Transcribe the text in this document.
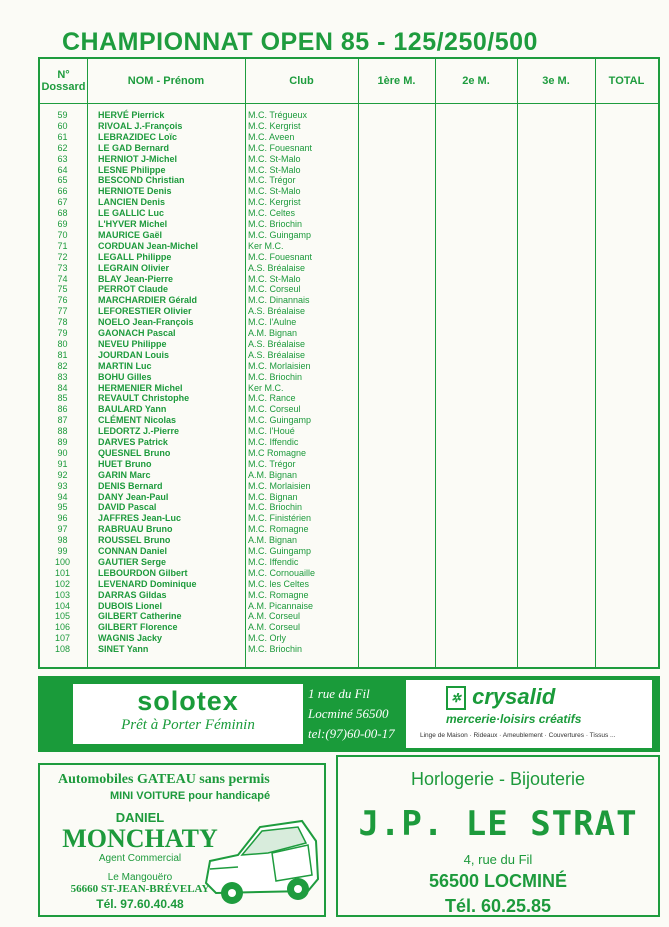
CHAMPIONNAT OPEN 85 - 125/250/500
N° Dossard	NOM - Prénom	Club	1ère M.	2e M.	3e M.	TOTAL
59	HERVÉ Pierrick	M.C. Trégueux
60	RIVOAL J.-François	M.C. Kergrist
61	LEBRAZIDEC Loïc	M.C. Aveen
62	LE GAD Bernard	M.C. Fouesnant
63	HERNIOT J-Michel	M.C. St-Malo
64	LESNE Philippe	M.C. St-Malo
65	BESCOND Christian	M.C. Trégor
66	HERNIOTE Denis	M.C. St-Malo
67	LANCIEN Denis	M.C. Kergrist
68	LE GALLIC Luc	M.C. Celtes
69	L'HYVER Michel	M.C. Briochin
70	MAURICE Gaël	M.C. Guingamp
71	CORDUAN Jean-Michel	Ker M.C.
72	LEGALL Philippe	M.C. Fouesnant
73	LEGRAIN Olivier	A.S. Bréalaise
74	BLAY Jean-Pierre	M.C. St-Malo
75	PERROT Claude	M.C. Corseul
76	MARCHARDIER Gérald	M.C. Dinannais
77	LEFORESTIER Olivier	A.S. Bréalaise
78	NOELO Jean-François	M.C. l'Aulne
79	GAONACH Pascal	A.M. Bignan
80	NEVEU Philippe	A.S. Bréalaise
81	JOURDAN Louis	A.S. Bréalaise
82	MARTIN Luc	M.C. Morlaisien
83	BOHU Gilles	M.C. Briochin
84	HERMENIER Michel	Ker M.C.
85	REVAULT Christophe	M.C. Rance
86	BAULARD Yann	M.C. Corseul
87	CLÉMENT Nicolas	M.C. Guingamp
88	LEDORTZ J.-Pierre	M.C. l'Houé
89	DARVES Patrick	M.C. Iffendic
90	QUESNEL Bruno	M.C Romagne
91	HUET Bruno	M.C. Trégor
92	GARIN Marc	A.M. Bignan
93	DENIS Bernard	M.C. Morlaisien
94	DANY Jean-Paul	M.C. Bignan
95	DAVID Pascal	M.C. Briochin
96	JAFFRES Jean-Luc	M.C. Finistérien
97	RABRUAU Bruno	M.C. Romagne
98	ROUSSEL Bruno	A.M. Bignan
99	CONNAN Daniel	M.C. Guingamp
100	GAUTIER Serge	M.C. Iffendic
101	LEBOURDON Gilbert	M.C. Cornouaille
102	LEVENARD Dominique	M.C. les Celtes
103	DARRAS Gildas	M.C. Romagne
104	DUBOIS Lionel	A.M. Picannaise
105	GILBERT Catherine	A.M. Corseul
106	GILBERT Florence	A.M. Corseul
107	WAGNIS Jacky	M.C. Orly
108	SINET Yann	M.C. Briochin
solotex
Prêt à Porter Féminin
1 rue du Fil
Locminé 56500
tel:(97)60-00-17
✲ crysalid
mercerie·loisirs créatifs
Linge de Maison · Rideaux · Ameublement · Couvertures · Tissus ...
Automobiles GATEAU sans permis
MINI VOITURE pour handicapé
DANIEL
MONCHATY
Agent Commercial
Le Mangouëro
56660 ST-JEAN-BRÉVELAY
Tél. 97.60.40.48
Horlogerie - Bijouterie
J.P. LE STRAT
4, rue du Fil
56500 LOCMINÉ
Tél. 60.25.85
